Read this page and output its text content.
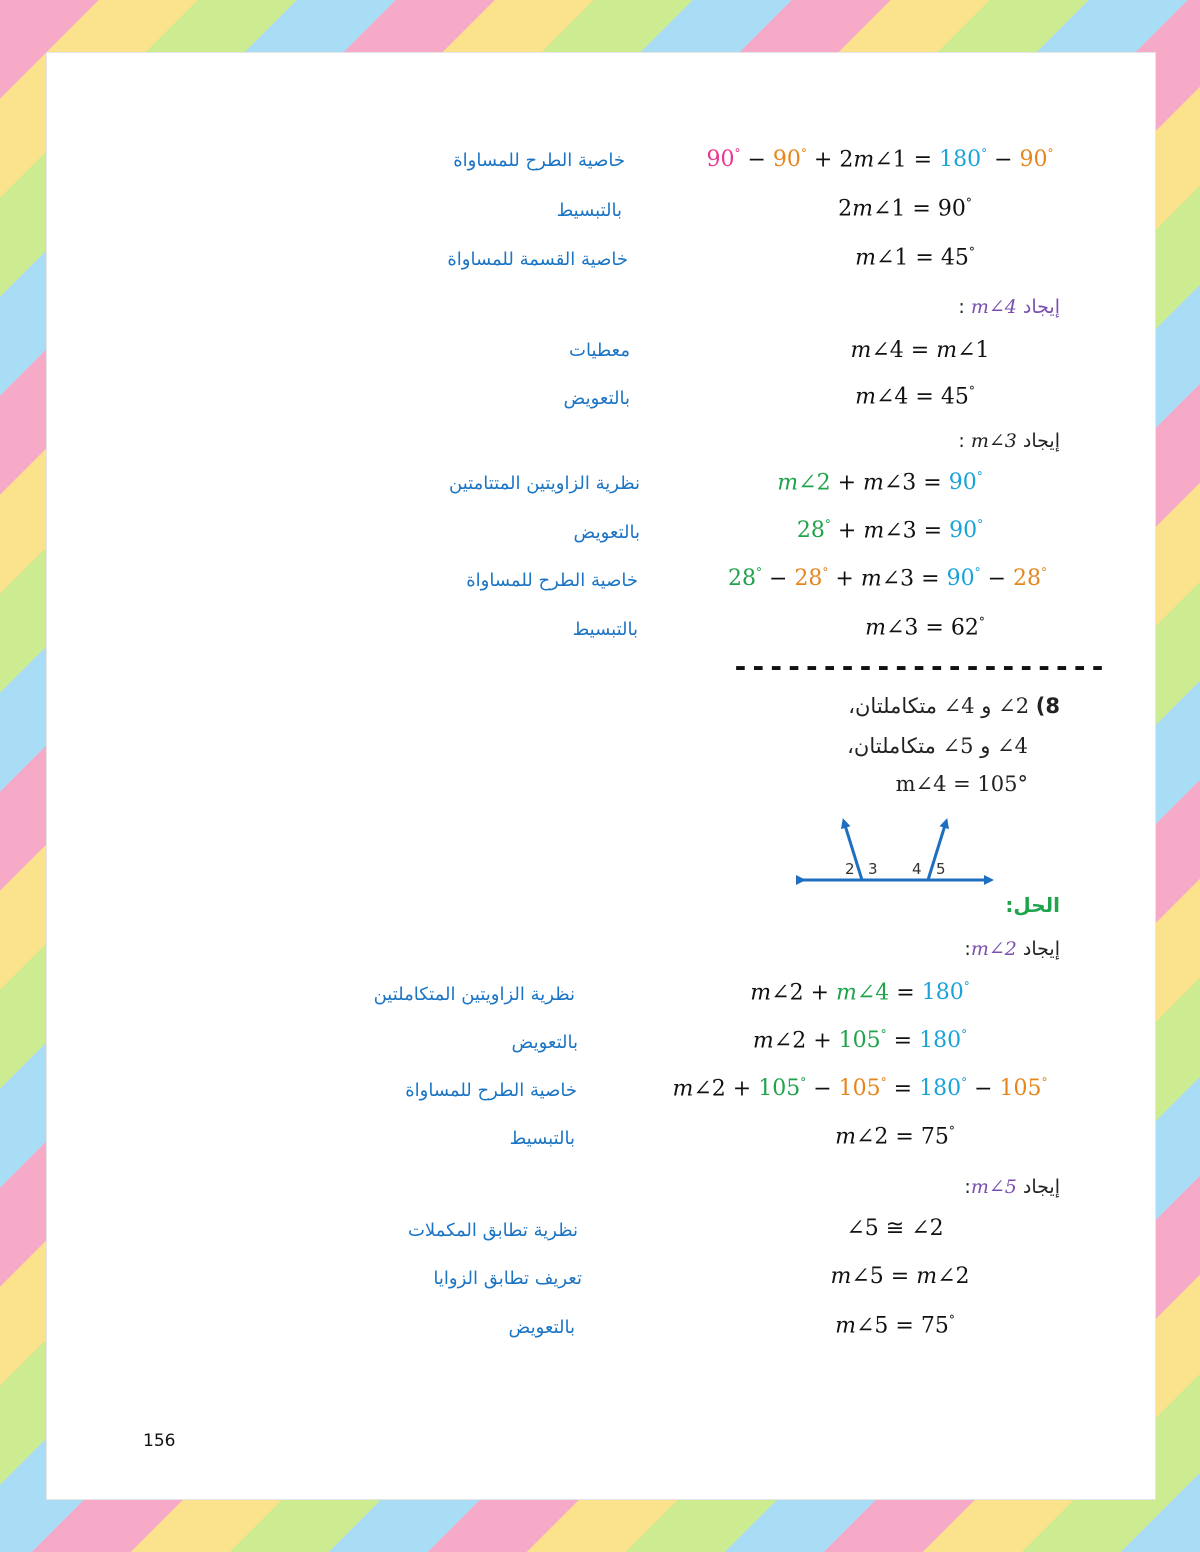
90° − 90° + 2m∠1 = 180° − 90°
خاصية الطرح للمساواة
2m∠1 = 90°
بالتبسيط
m∠1 = 45°
خاصية القسمة للمساواة
إيجاد m∠4 :
m∠4 = m∠1
معطيات
m∠4 = 45°
بالتعويض
إيجاد m∠3 :
m∠2 + m∠3 = 90°
نظرية الزاويتين المتتامتين
28° + m∠3 = 90°
بالتعويض
28° − 28° + m∠3 = 90° − 28°
خاصية الطرح للمساواة
m∠3 = 62°
بالتبسيط
---------------------
8) 2∠ و 4∠ متكاملتان،
4∠ و 5∠ متكاملتان،
m∠4 = 105°
2 3 4 5
الحل:
إيجاد m∠2:
m∠2 + m∠4 = 180°
نظرية الزاويتين المتكاملتين
m∠2 + 105° = 180°
بالتعويض
m∠2 + 105° − 105° = 180° − 105°
خاصية الطرح للمساواة
m∠2 = 75°
بالتبسيط
إيجاد m∠5:
∠5 ≅ ∠2
نظرية تطابق المكملات
m∠5 = m∠2
تعريف تطابق الزوايا
m∠5 = 75°
بالتعويض
156
